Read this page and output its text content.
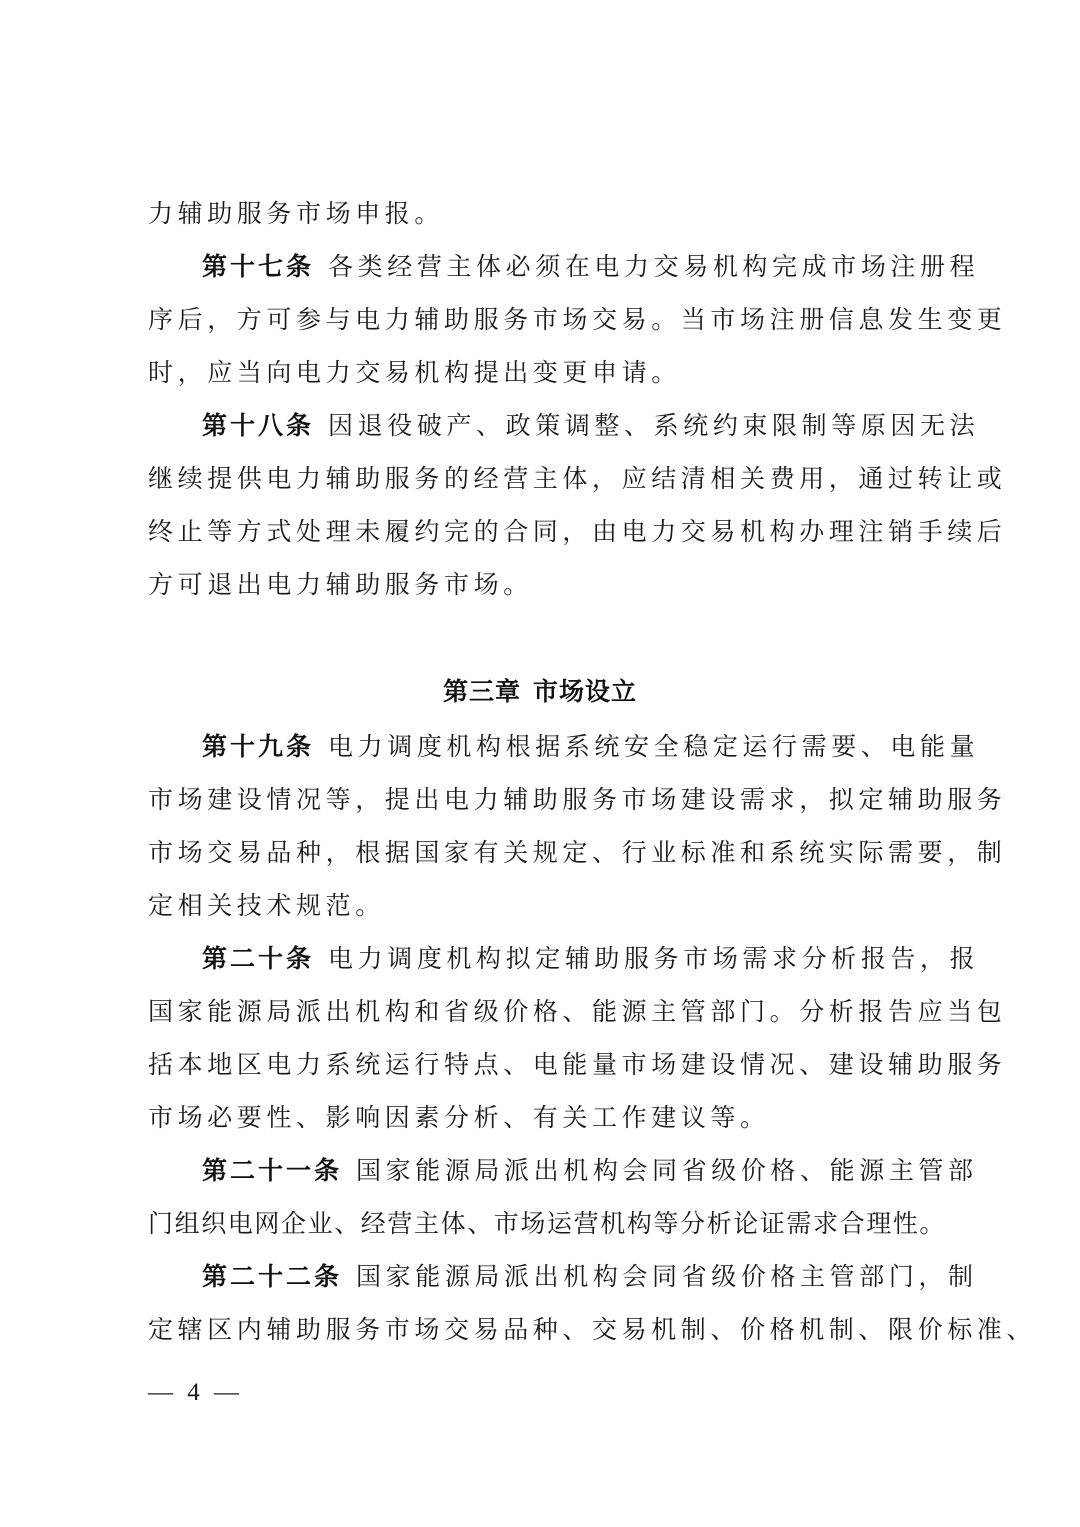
力辅助服务市场申报。
第十七条 各类经营主体必须在电力交易机构完成市场注册程
序后，方可参与电力辅助服务市场交易。当市场注册信息发生变更
时，应当向电力交易机构提出变更申请。
第十八条 因退役破产、政策调整、系统约束限制等原因无法
继续提供电力辅助服务的经营主体，应结清相关费用，通过转让或
终止等方式处理未履约完的合同，由电力交易机构办理注销手续后
方可退出电力辅助服务市场。
第三章 市场设立
第十九条 电力调度机构根据系统安全稳定运行需要、电能量
市场建设情况等，提出电力辅助服务市场建设需求，拟定辅助服务
市场交易品种，根据国家有关规定、行业标准和系统实际需要，制
定相关技术规范。
第二十条 电力调度机构拟定辅助服务市场需求分析报告，报
国家能源局派出机构和省级价格、能源主管部门。分析报告应当包
括本地区电力系统运行特点、电能量市场建设情况、建设辅助服务
市场必要性、影响因素分析、有关工作建议等。
第二十一条 国家能源局派出机构会同省级价格、能源主管部
门组织电网企业、经营主体、市场运营机构等分析论证需求合理性。
第二十二条 国家能源局派出机构会同省级价格主管部门，制
定辖区内辅助服务市场交易品种、交易机制、价格机制、限价标准、
— 4 —
